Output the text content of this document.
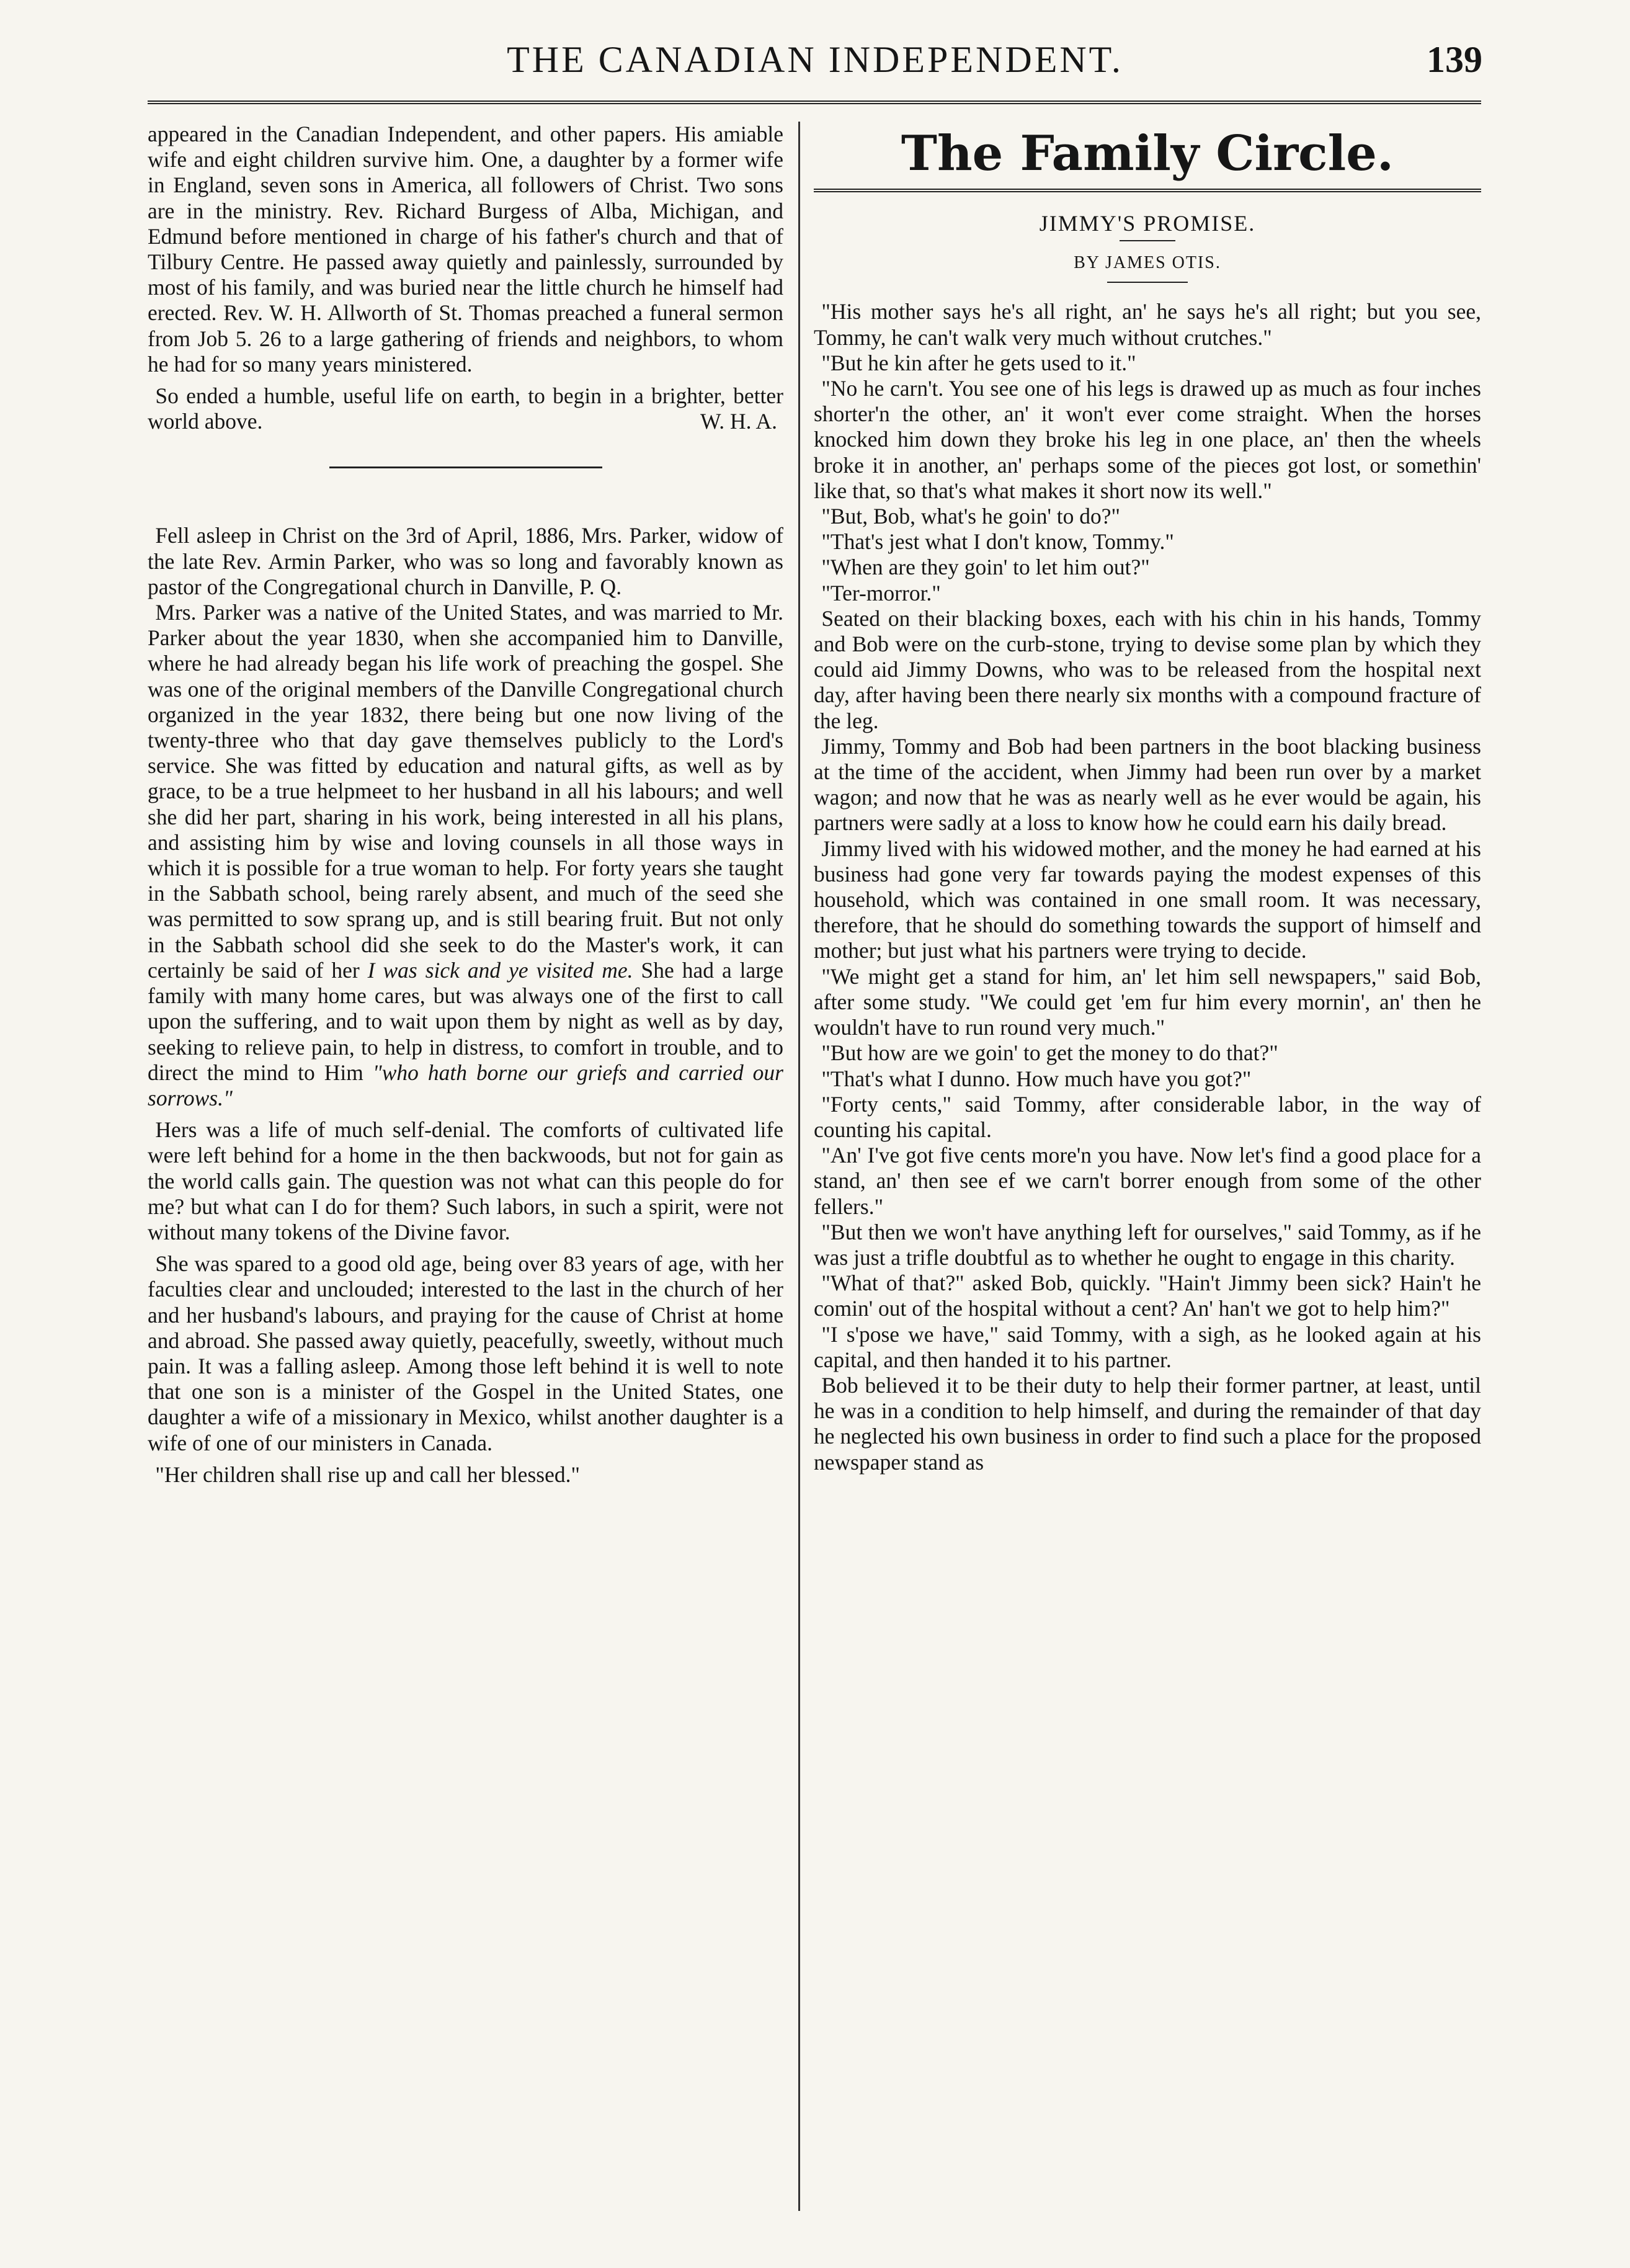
THE CANADIAN INDEPENDENT.	139

appeared in the Canadian Independent, and other papers. His amiable wife and eight children survive him. One, a daughter by a former wife in England, seven sons in America, all followers of Christ. Two sons are in the ministry. Rev. Richard Burgess of Alba, Michigan, and Edmund before mentioned in charge of his father's church and that of Tilbury Centre. He passed away quietly and painlessly, surrounded by most of his family, and was buried near the little church he himself had erected. Rev. W. H. Allworth of St. Thomas preached a funeral sermon from Job 5. 26 to a large gathering of friends and neighbors, to whom he had for so many years ministered.

So ended a humble, useful life on earth, to begin in a brighter, better world above.	W. H. A.

Fell asleep in Christ on the 3rd of April, 1886, Mrs. Parker, widow of the late Rev. Armin Parker, who was so long and favorably known as pastor of the Congregational church in Danville, P. Q.

Mrs. Parker was a native of the United States, and was married to Mr. Parker about the year 1830, when she accompanied him to Danville, where he had already began his life work of preaching the gospel. She was one of the original members of the Danville Congregational church organized in the year 1832, there being but one now living of the twenty-three who that day gave themselves publicly to the Lord's service. She was fitted by education and natural gifts, as well as by grace, to be a true helpmeet to her husband in all his labours; and well she did her part, sharing in his work, being interested in all his plans, and assisting him by wise and loving counsels in all those ways in which it is possible for a true woman to help. For forty years she taught in the Sabbath school, being rarely absent, and much of the seed she was permitted to sow sprang up, and is still bearing fruit. But not only in the Sabbath school did she seek to do the Master's work, it can certainly be said of her I was sick and ye visited me. She had a large family with many home cares, but was always one of the first to call upon the suffering, and to wait upon them by night as well as by day, seeking to relieve pain, to help in distress, to comfort in trouble, and to direct the mind to Him "who hath borne our griefs and carried our sorrows."

Hers was a life of much self-denial. The comforts of cultivated life were left behind for a home in the then backwoods, but not for gain as the world calls gain. The question was not what can this people do for me? but what can I do for them? Such labors, in such a spirit, were not without many tokens of the Divine favor.

She was spared to a good old age, being over 83 years of age, with her faculties clear and unclouded; interested to the last in the church of her and her husband's labours, and praying for the cause of Christ at home and abroad. She passed away quietly, peacefully, sweetly, without much pain. It was a falling asleep. Among those left behind it is well to note that one son is a minister of the Gospel in the United States, one daughter a wife of a missionary in Mexico, whilst another daughter is a wife of one of our ministers in Canada.

"Her children shall rise up and call her blessed."

The Family Circle.
JIMMY'S PROMISE.
BY JAMES OTIS.

"His mother says he's all right, an' he says he's all right; but you see, Tommy, he can't walk very much without crutches."

"But he kin after he gets used to it."

"No he carn't. You see one of his legs is drawed up as much as four inches shorter'n the other, an' it won't ever come straight. When the horses knocked him down they broke his leg in one place, an' then the wheels broke it in another, an' perhaps some of the pieces got lost, or somethin' like that, so that's what makes it short now its well."

"But, Bob, what's he goin' to do?"

"That's jest what I don't know, Tommy."

"When are they goin' to let him out?"

"Ter-morror."

Seated on their blacking boxes, each with his chin in his hands, Tommy and Bob were on the curb-stone, trying to devise some plan by which they could aid Jimmy Downs, who was to be released from the hospital next day, after having been there nearly six months with a compound fracture of the leg.

Jimmy, Tommy and Bob had been partners in the boot blacking business at the time of the accident, when Jimmy had been run over by a market wagon; and now that he was as nearly well as he ever would be again, his partners were sadly at a loss to know how he could earn his daily bread.

Jimmy lived with his widowed mother, and the money he had earned at his business had gone very far towards paying the modest expenses of this household, which was contained in one small room. It was necessary, therefore, that he should do something towards the support of himself and mother; but just what his partners were trying to decide.

"We might get a stand for him, an' let him sell newspapers," said Bob, after some study. "We could get 'em fur him every mornin', an' then he wouldn't have to run round very much."

"But how are we goin' to get the money to do that?"

"That's what I dunno. How much have you got?"

"Forty cents," said Tommy, after considerable labor, in the way of counting his capital.

"An' I've got five cents more'n you have. Now let's find a good place for a stand, an' then see ef we carn't borrer enough from some of the other fellers."

"But then we won't have anything left for ourselves," said Tommy, as if he was just a trifle doubtful as to whether he ought to engage in this charity.

"What of that?" asked Bob, quickly. "Hain't Jimmy been sick? Hain't he comin' out of the hospital without a cent? An' han't we got to help him?"

"I s'pose we have," said Tommy, with a sigh, as he looked again at his capital, and then handed it to his partner.

Bob believed it to be their duty to help their former partner, at least, until he was in a condition to help himself, and during the remainder of that day he neglected his own business in order to find such a place for the proposed newspaper stand as
